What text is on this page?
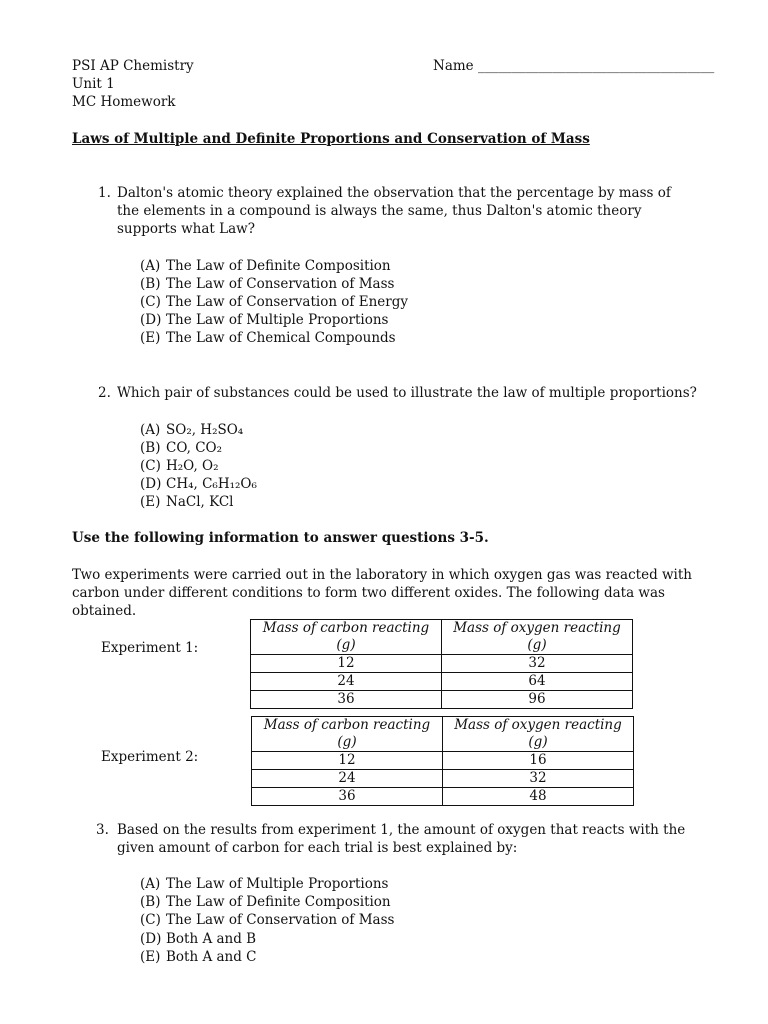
PSI AP Chemistry
Unit 1
MC Homework
Name ___________________________________
Laws of Multiple and Definite Proportions and Conservation of Mass
1. Dalton's atomic theory explained the observation that the percentage by mass of the elements in a compound is always the same, thus Dalton's atomic theory supports what Law?
(A) The Law of Definite Composition
(B) The Law of Conservation of Mass
(C) The Law of Conservation of Energy
(D) The Law of Multiple Proportions
(E) The Law of Chemical Compounds
2. Which pair of substances could be used to illustrate the law of multiple proportions?
(A) SO₂, H₂SO₄
(B) CO, CO₂
(C) H₂O, O₂
(D) CH₄, C₆H₁₂O₆
(E) NaCl, KCl
Use the following information to answer questions 3-5.
Two experiments were carried out in the laboratory in which oxygen gas was reacted with carbon under different conditions to form two different oxides. The following data was obtained.
Experiment 1:
Mass of carbon reacting (g)	Mass of oxygen reacting (g)
12	32
24	64
36	96
Experiment 2:
Mass of carbon reacting (g)	Mass of oxygen reacting (g)
12	16
24	32
36	48
3. Based on the results from experiment 1, the amount of oxygen that reacts with the given amount of carbon for each trial is best explained by:
(A) The Law of Multiple Proportions
(B) The Law of Definite Composition
(C) The Law of Conservation of Mass
(D) Both A and B
(E) Both A and C
